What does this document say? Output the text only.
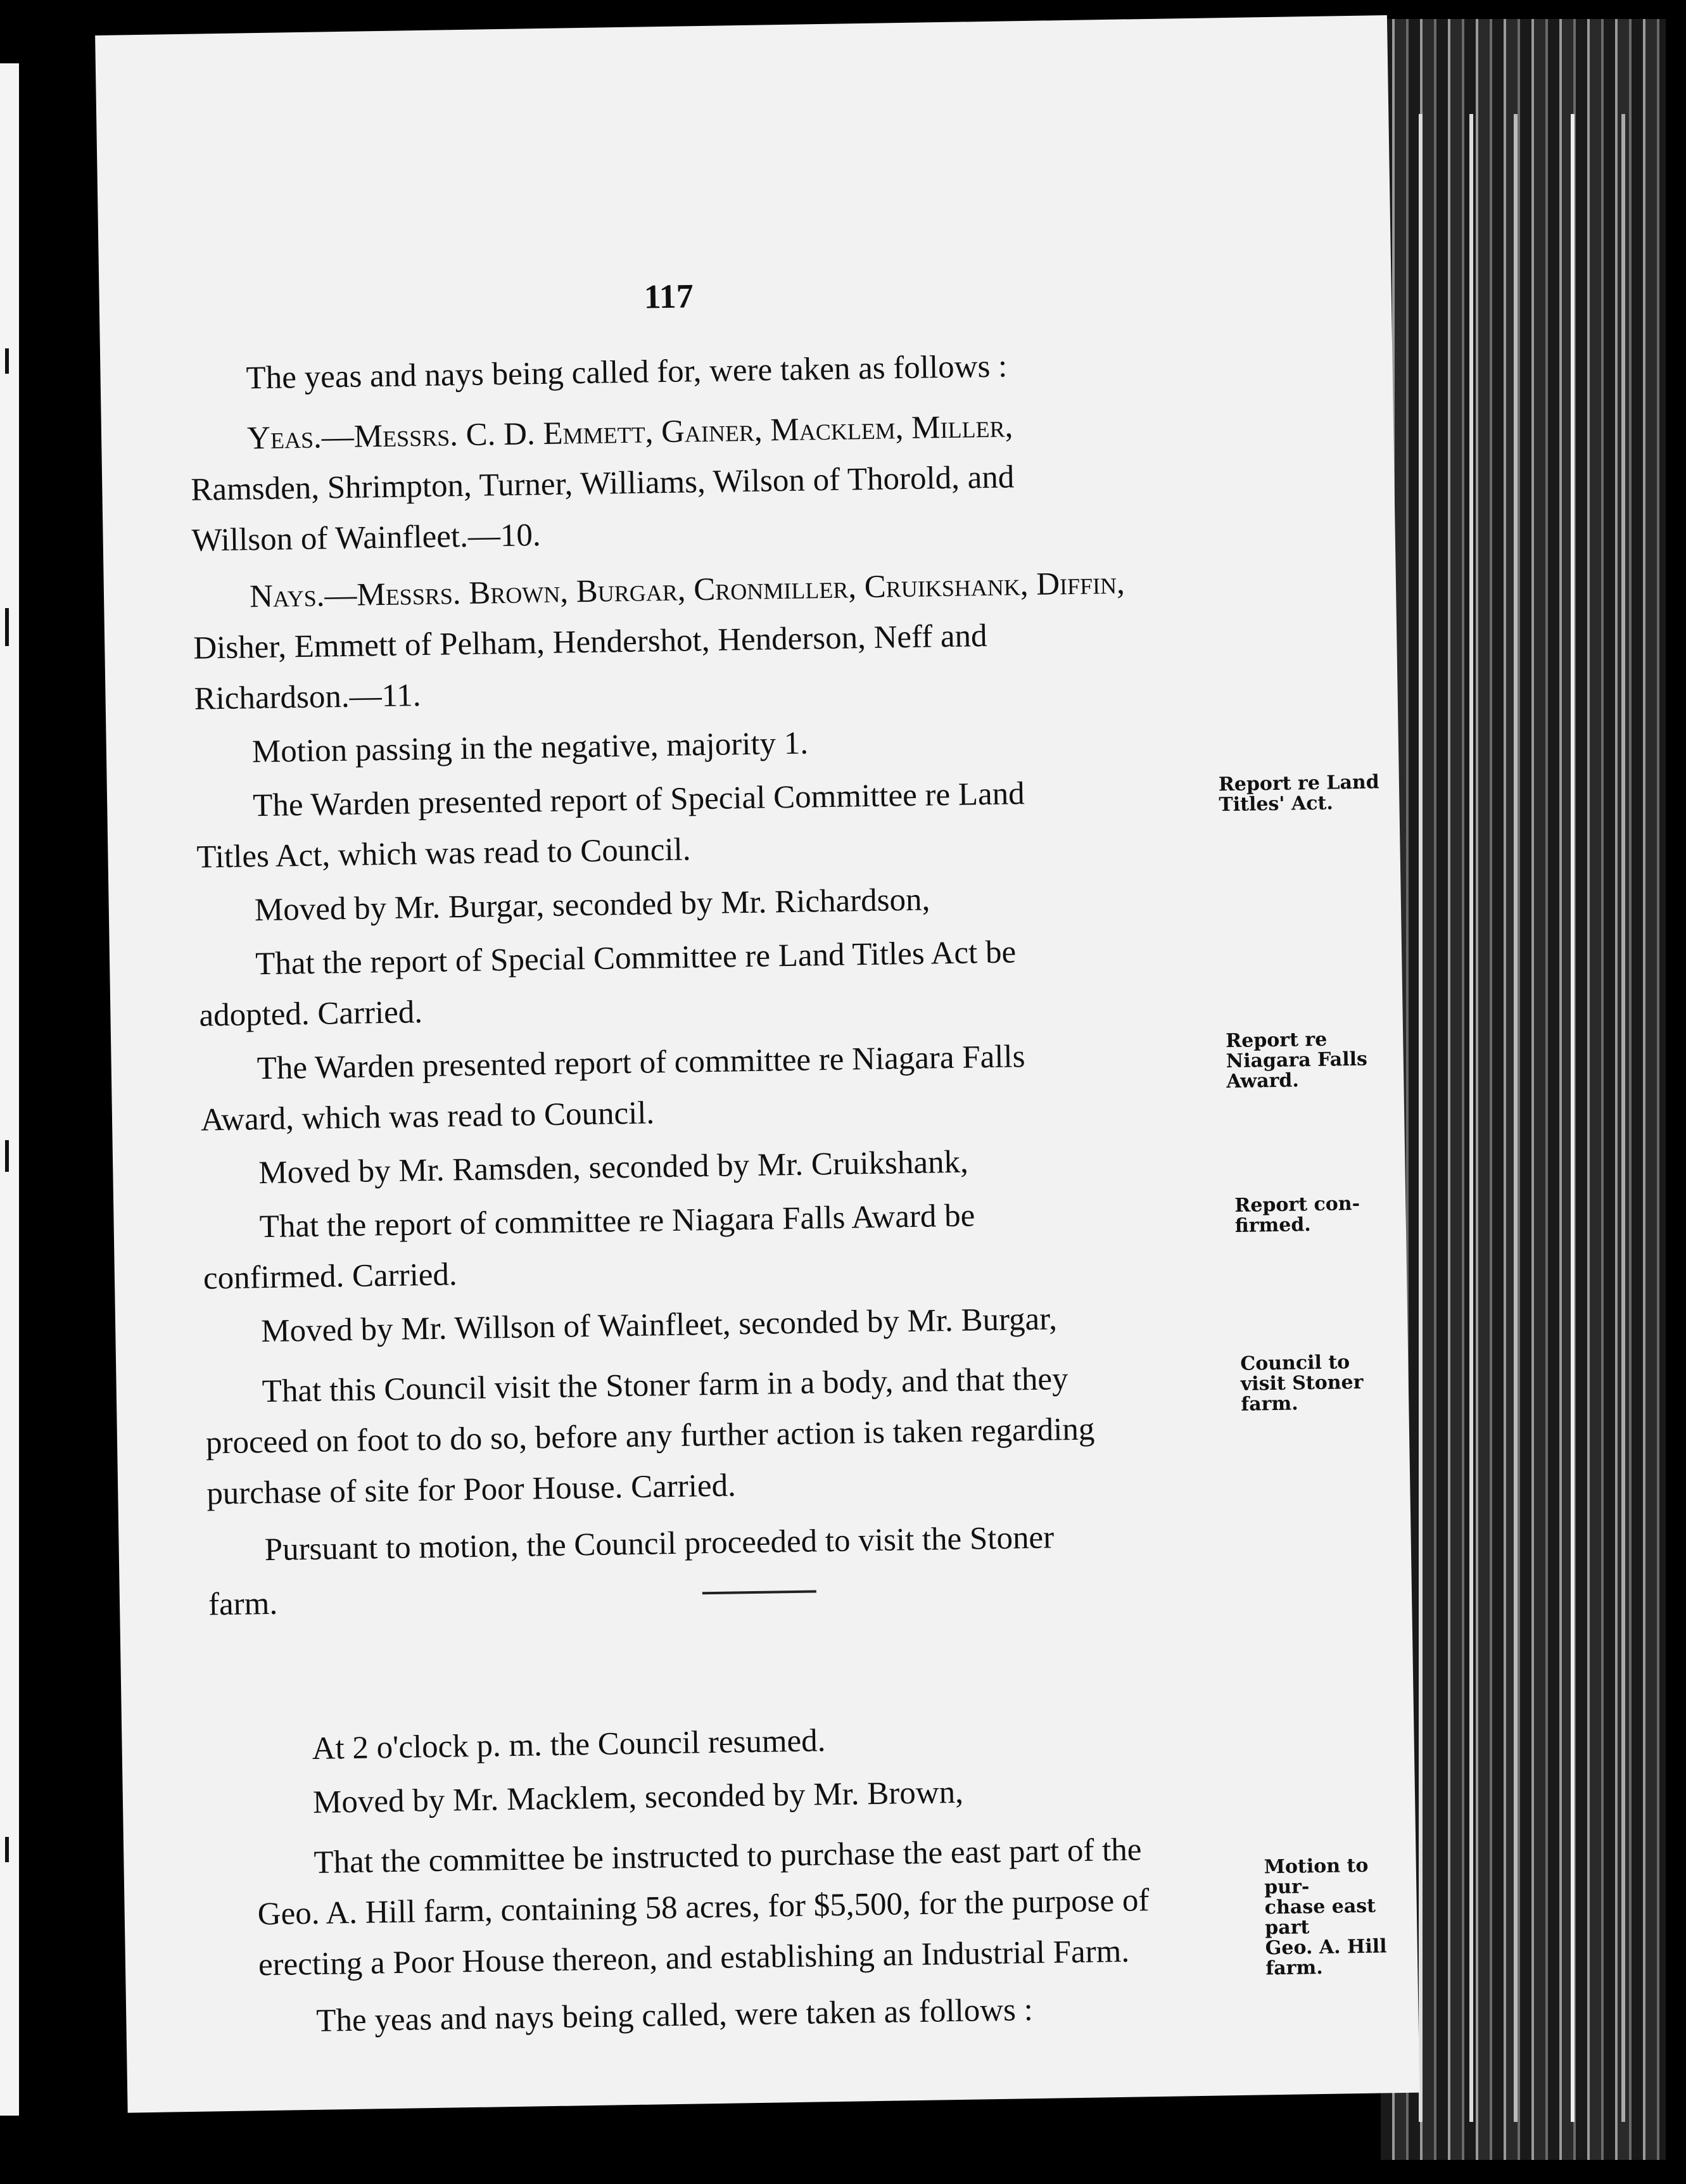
117
The yeas and nays being called for, were taken as follows :
Yeas.—Messrs. C. D. Emmett, Gainer, Macklem, Miller,
Ramsden, Shrimpton, Turner, Williams, Wilson of Thorold, and
Willson of Wainfleet.—10.
Nays.—Messrs. Brown, Burgar, Cronmiller, Cruikshank, Diffin,
Disher, Emmett of Pelham, Hendershot, Henderson, Neff and
Richardson.—11.
Motion passing in the negative, majority 1.
The Warden presented report of Special Committee re Land
Titles Act, which was read to Council.
Moved by Mr. Burgar, seconded by Mr. Richardson,
That the report of Special Committee re Land Titles Act be
adopted. Carried.
The Warden presented report of committee re Niagara Falls
Award, which was read to Council.
Moved by Mr. Ramsden, seconded by Mr. Cruikshank,
That the report of committee re Niagara Falls Award be
confirmed. Carried.
Moved by Mr. Willson of Wainfleet, seconded by Mr. Burgar,
That this Council visit the Stoner farm in a body, and that they
proceed on foot to do so, before any further action is taken regarding
purchase of site for Poor House. Carried.
Pursuant to motion, the Council proceeded to visit the Stoner
farm.
At 2 o'clock p. m. the Council resumed.
Moved by Mr. Macklem, seconded by Mr. Brown,
That the committee be instructed to purchase the east part of the
Geo. A. Hill farm, containing 58 acres, for $5,500, for the purpose of
erecting a Poor House thereon, and establishing an Industrial Farm.
The yeas and nays being called, were taken as follows :
Report re Land
Titles' Act.
Report re
Niagara Falls
Award.
Report con-
firmed.
Council to
visit Stoner
farm.
Motion to pur-
chase east part
Geo. A. Hill
farm.
